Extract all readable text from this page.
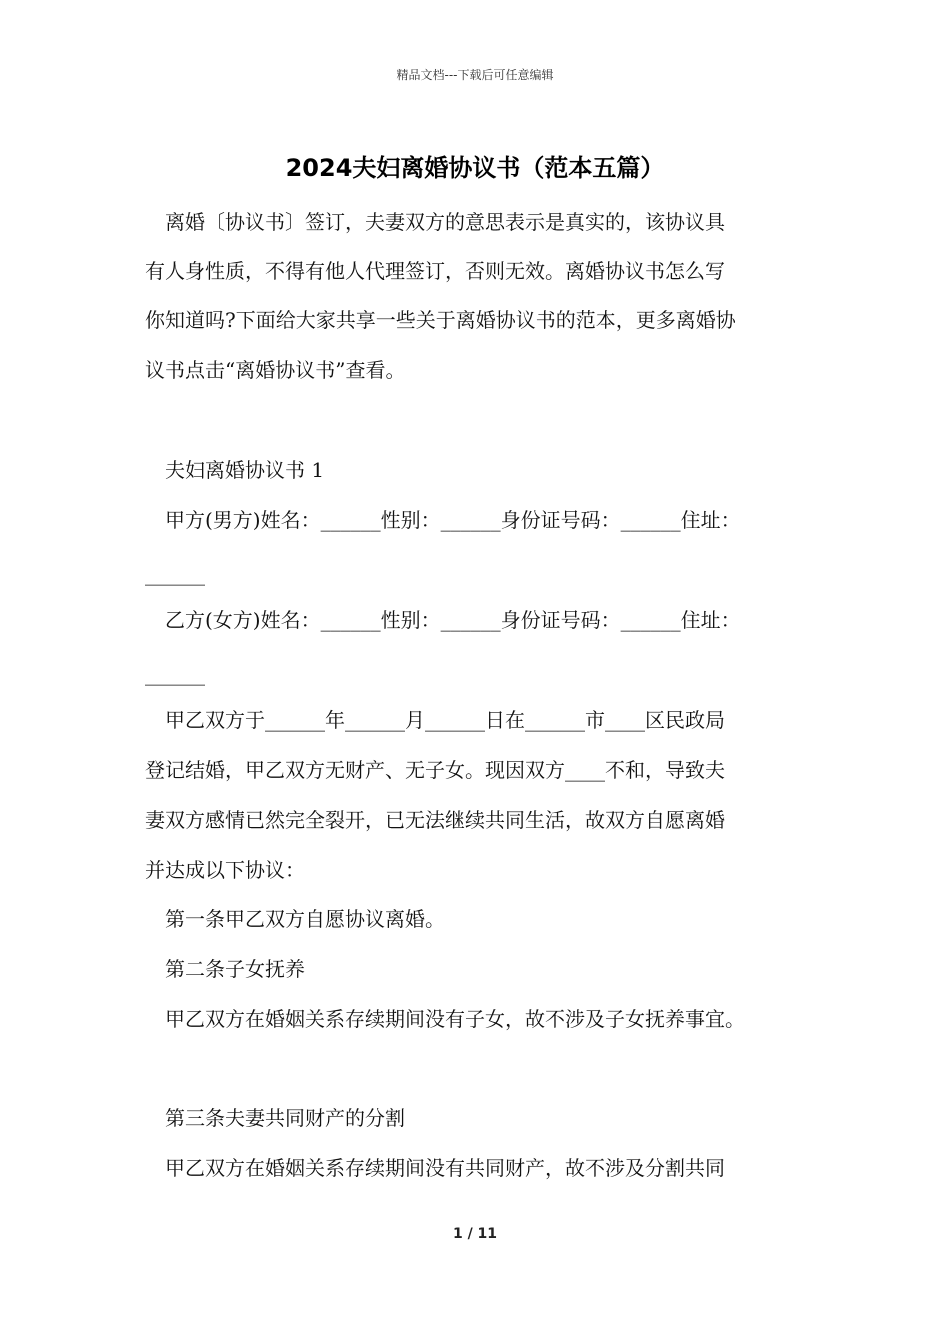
精品文档---下载后可任意编辑
2024夫妇离婚协议书（范本五篇）
　离婚〔协议书〕签订，夫妻双方的意思表示是真实的，该协议具
有人身性质，不得有他人代理签订，否则无效。离婚协议书怎么写
你知道吗?下面给大家共享一些关于离婚协议书的范本，更多离婚协
议书点击“离婚协议书”查看。
　夫妇离婚协议书 1
　甲方(男方)姓名：______性别：______身份证号码：______住址：
______
　乙方(女方)姓名：______性别：______身份证号码：______住址：
______
　甲乙双方于______年______月______日在______市____区民政局
登记结婚，甲乙双方无财产、无子女。现因双方____不和，导致夫
妻双方感情已然完全裂开，已无法继续共同生活，故双方自愿离婚
并达成以下协议：
　第一条甲乙双方自愿协议离婚。
　第二条子女抚养
　甲乙双方在婚姻关系存续期间没有子女，故不涉及子女抚养事宜。
　第三条夫妻共同财产的分割
　甲乙双方在婚姻关系存续期间没有共同财产，故不涉及分割共同
1 / 11
